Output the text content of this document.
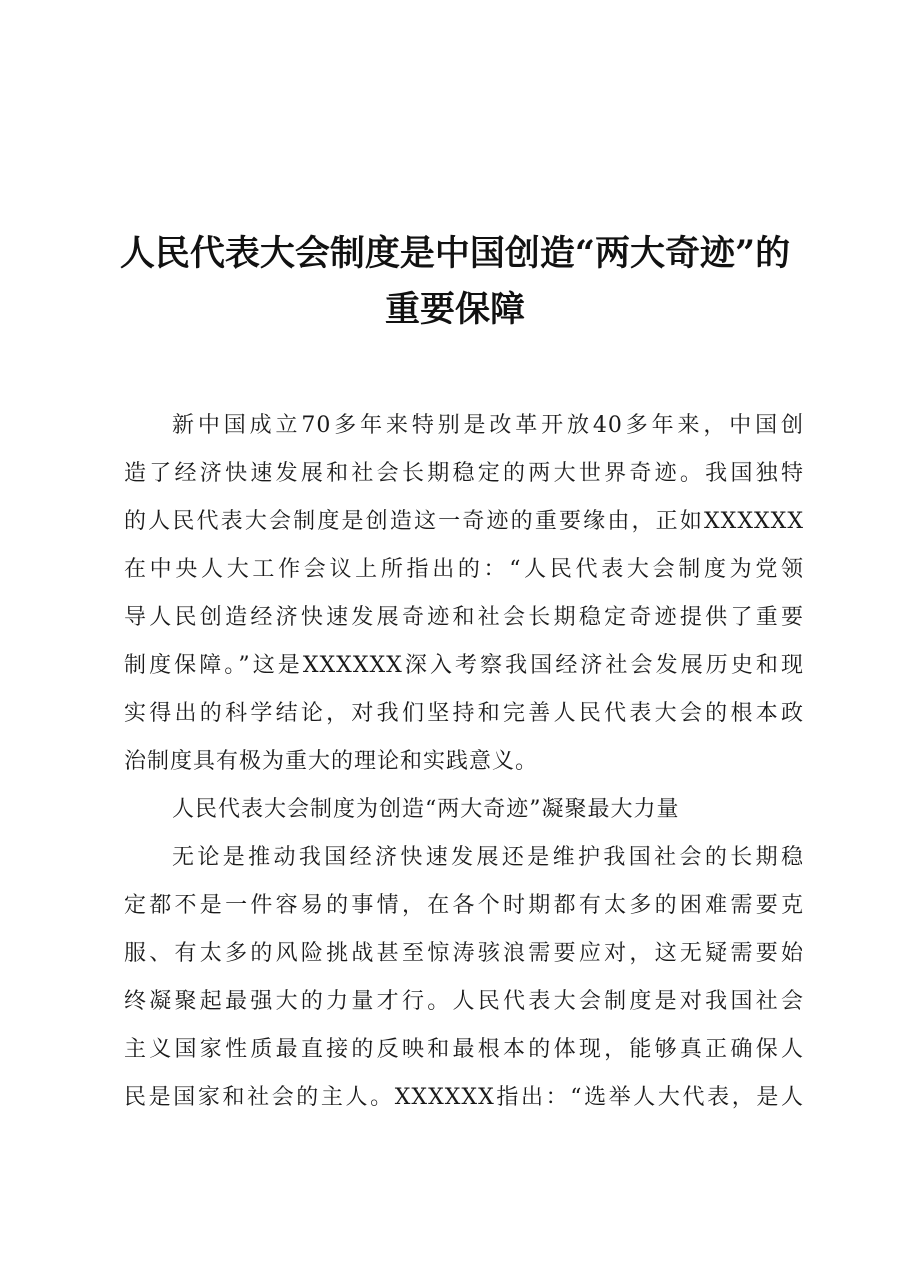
人民代表大会制度是中国创造“两大奇迹”的
重要保障
新中国成立70多年来特别是改革开放40多年来，中国创
造了经济快速发展和社会长期稳定的两大世界奇迹。我国独特
的人民代表大会制度是创造这一奇迹的重要缘由，正如XXXXXX
在中央人大工作会议上所指出的：“人民代表大会制度为党领
导人民创造经济快速发展奇迹和社会长期稳定奇迹提供了重要
制度保障。”这是XXXXXX深入考察我国经济社会发展历史和现
实得出的科学结论，对我们坚持和完善人民代表大会的根本政
治制度具有极为重大的理论和实践意义。
人民代表大会制度为创造“两大奇迹”凝聚最大力量
无论是推动我国经济快速发展还是维护我国社会的长期稳
定都不是一件容易的事情，在各个时期都有太多的困难需要克
服、有太多的风险挑战甚至惊涛骇浪需要应对，这无疑需要始
终凝聚起最强大的力量才行。人民代表大会制度是对我国社会
主义国家性质最直接的反映和最根本的体现，能够真正确保人
民是国家和社会的主人。XXXXXX指出：“选举人大代表，是人
